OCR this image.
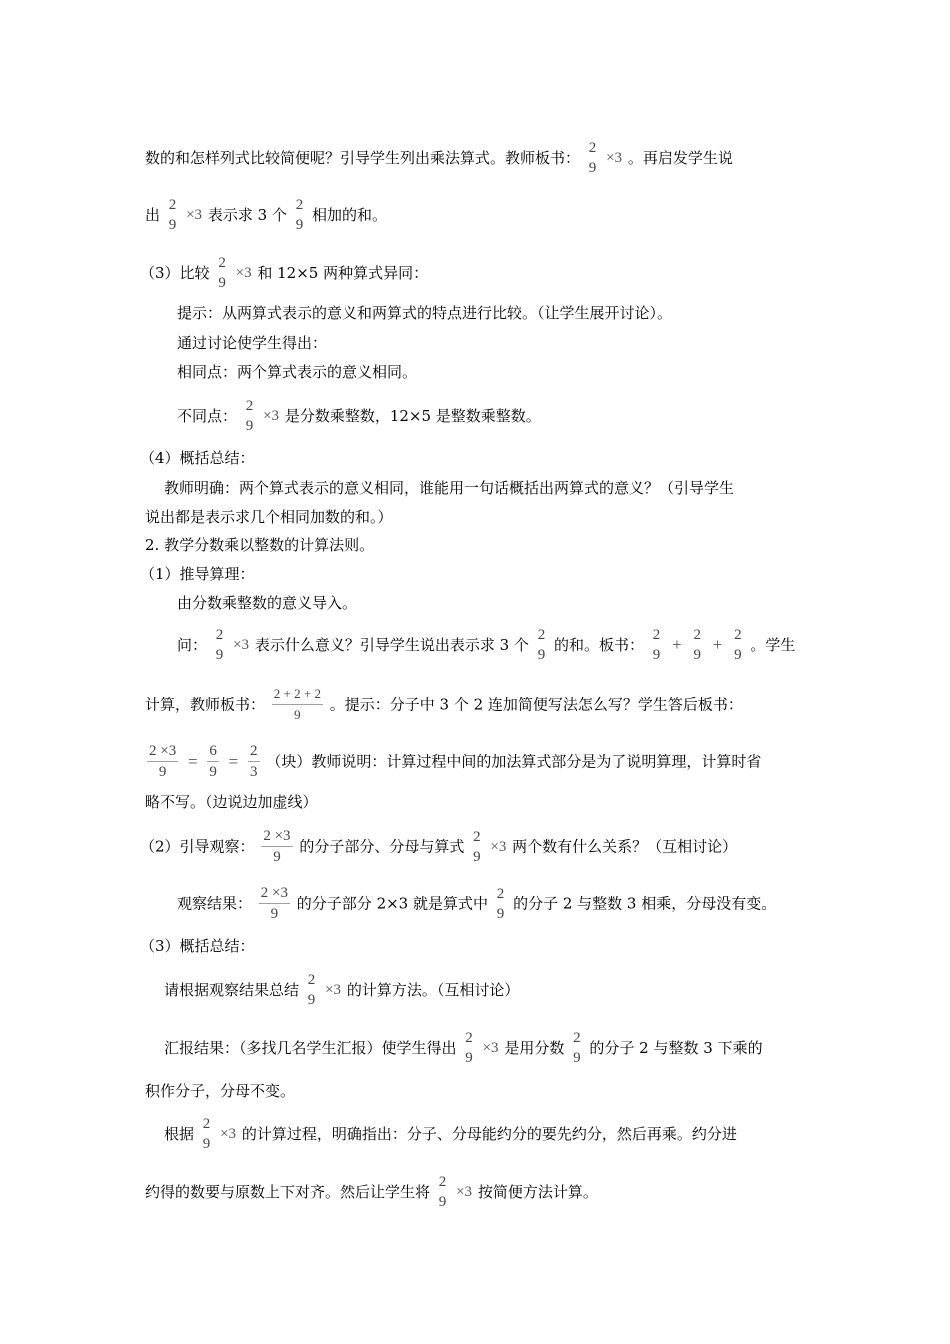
数的和怎样列式比较简便呢？引导学生列出乘法算式。教师板书：
2
9
×3 。再启发学生说
出
2
9
×3 表示求 3 个
2
9
相加的和。
（3）比较
2
9
×3 和 12×5 两种算式异同：
提示：从两算式表示的意义和两算式的特点进行比较。（让学生展开讨论）。
通过讨论使学生得出：
相同点：两个算式表示的意义相同。
不同点：
2
9
×3 是分数乘整数，12×5 是整数乘整数。
（4）概括总结：
教师明确：两个算式表示的意义相同，谁能用一句话概括出两算式的意义？（引导学生
说出都是表示求几个相同加数的和。）
2. 教学分数乘以整数的计算法则。
（1）推导算理：
由分数乘整数的意义导入。
问：
2
9
×3 表示什么意义？引导学生说出表示求 3 个
2
9
的和。板书：
2
9
+ 2
9
+ 2
9
。学生
计算，教师板书： $\frac{2 + 2 + 2}{9}$ 。提示：分子中 3 个 2 连加简便写法怎么写？学生答后板书：
$\frac{2 \times 3}{9} = \frac{6}{9} = \frac{2}{3}$ （块）教师说明：计算过程中间的加法算式部分是为了说明算理，计算时省
略不写。（边说边加虚线）
（2）引导观察： $\frac{2 \times 3}{9}$ 的分子部分、分母与算式
2
9
×3 两个数有什么关系？（互相讨论）
观察结果： $\frac{2 \times 3}{9}$ 的分子部分 2×3 就是算式中
2
9
的分子 2 与整数 3 相乘，分母没有变。
（3）概括总结：
请根据观察结果总结
2
9
×3 的计算方法。（互相讨论）
汇报结果：（多找几名学生汇报）使学生得出
2
9
×3 是用分数
2
9
的分子 2 与整数 3 下乘的
积作分子，分母不变。
根据
2
9
×3 的计算过程，明确指出：分子、分母能约分的要先约分，然后再乘。约分进
约得的数要与原数上下对齐。然后让学生将
2
9
×3 按简便方法计算。
